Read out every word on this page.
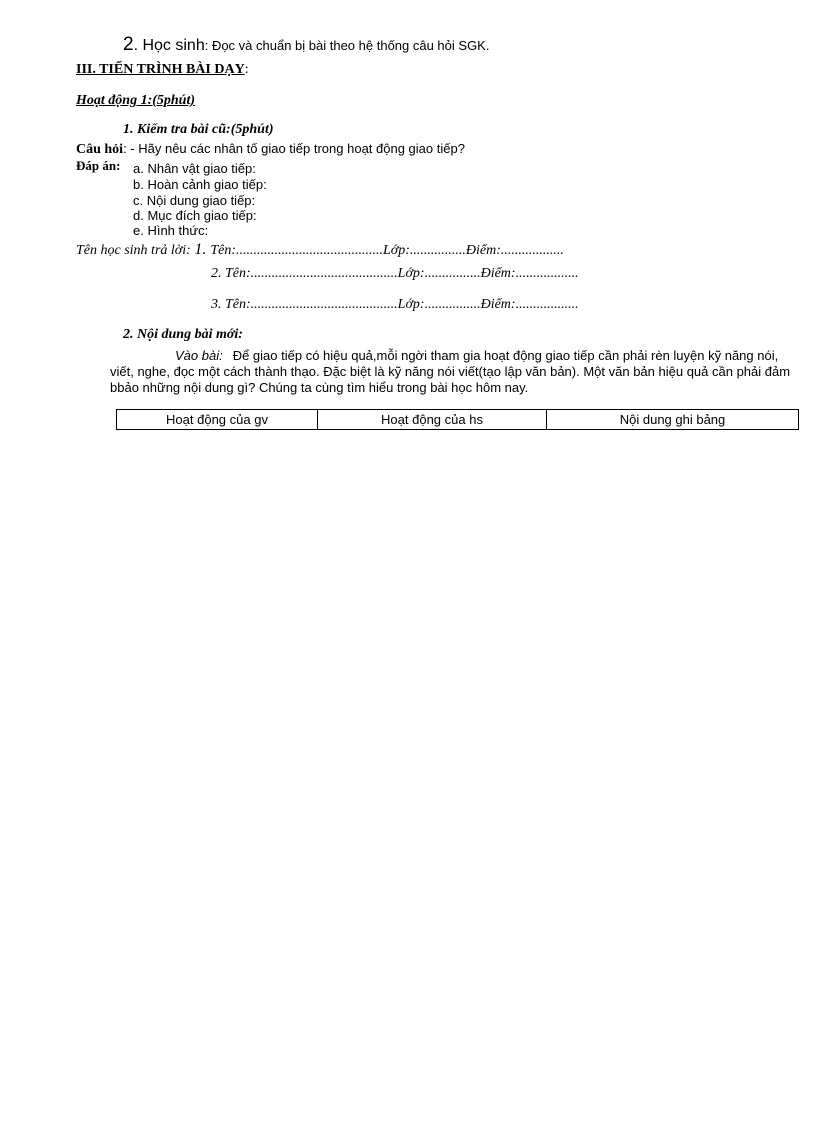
2. Học sinh: Đọc và chuẩn bị bài theo hệ thống câu hỏi SGK.
III. TIẾN TRÌNH BÀI DẠY:
Hoạt động 1:(5phút)
1. Kiểm tra bài cũ:(5phút)
Câu hỏi: - Hãy nêu các nhân tố giao tiếp trong hoạt động giao tiếp?
Đáp án: a. Nhân vật giao tiếp:
b. Hoàn cảnh giao tiếp:
c. Nội dung giao tiếp:
d. Mục đích giao tiếp:
e. Hình thức:
Tên học sinh trả lời: 1. Tên:..........................................Lớp:................Điểm:..................
2. Tên:..........................................Lớp:................Điểm:..................
3. Tên:..........................................Lớp:................Điểm:..................
2. Nội dung bài mới:
Vào bài: Để giao tiếp có hiệu quả,mỗi ngời tham gia hoạt động giao tiếp cần phải rèn luyện kỹ năng nói, viết, nghe, đọc một cách thành thạo. Đặc biệt là kỹ năng nói viết(tạo lập văn bản). Một văn bản hiệu quả cần phải đảm bbảo những nội dung gì? Chúng ta cùng tìm hiểu trong bài học hôm nay.
Hoạt động của gv	Hoạt động của hs	Nội dung ghi bảng
